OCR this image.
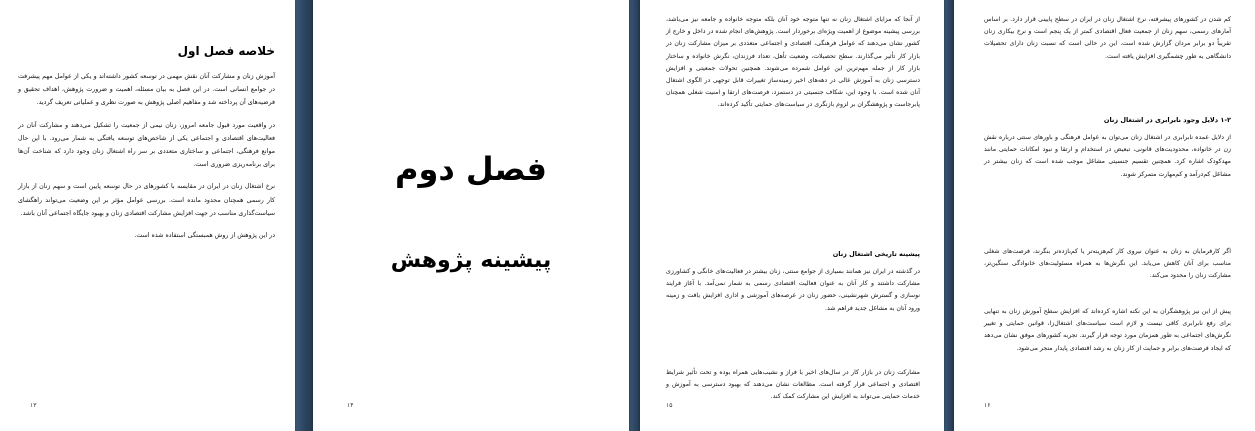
خلاصه فصل اول

آموزش زنان و مشارکت آنان نقش مهمی در توسعه کشور داشته‌اند و یکی از عوامل مهم پیشرفت در جوامع انسانی است. در این فصل به بیان مسئله، اهمیت و ضرورت پژوهش، اهداف تحقیق و فرضیه‌های آن پرداخته شد و مفاهیم اصلی پژوهش به صورت نظری و عملیاتی تعریف گردید.

در واقعیت مورد قبول جامعه امروز، زنان نیمی از جمعیت را تشکیل می‌دهند و مشارکت آنان در فعالیت‌های اقتصادی و اجتماعی یکی از شاخص‌های توسعه یافتگی به شمار می‌رود. با این حال موانع فرهنگی، اجتماعی و ساختاری متعددی بر سر راه اشتغال زنان وجود دارد که شناخت آن‌ها برای برنامه‌ریزی ضروری است.

نرخ اشتغال زنان در ایران در مقایسه با کشورهای در حال توسعه پایین است و سهم زنان از بازار کار رسمی همچنان محدود مانده است. بررسی عوامل مؤثر بر این وضعیت می‌تواند راهگشای سیاست‌گذاری مناسب در جهت افزایش مشارکت اقتصادی زنان و بهبود جایگاه اجتماعی آنان باشد.

در این پژوهش از روش همبستگی استفاده شده است.

۱۳
فصل دوم
پیشینه پژوهش
۱۴
از آنجا که مزایای اشتغال زنان نه تنها متوجه خود آنان بلکه متوجه خانواده و جامعه نیز می‌باشد، بررسی پیشینه موضوع از اهمیت ویژه‌ای برخوردار است. پژوهش‌های انجام شده در داخل و خارج از کشور نشان می‌دهند که عوامل فرهنگی، اقتصادی و اجتماعی متعددی بر میزان مشارکت زنان در بازار کار تأثیر می‌گذارند. سطح تحصیلات، وضعیت تأهل، تعداد فرزندان، نگرش خانواده و ساختار بازار کار از جمله مهم‌ترین این عوامل شمرده می‌شوند. همچنین تحولات جمعیتی و افزایش دسترسی زنان به آموزش عالی در دهه‌های اخیر زمینه‌ساز تغییرات قابل توجهی در الگوی اشتغال آنان شده است. با وجود این، شکاف جنسیتی در دستمزد، فرصت‌های ارتقا و امنیت شغلی همچنان پابرجاست و پژوهشگران بر لزوم بازنگری در سیاست‌های حمایتی تأکید کرده‌اند.
پیشینه تاریخی اشتغال زنان
در گذشته در ایران نیز همانند بسیاری از جوامع سنتی، زنان بیشتر در فعالیت‌های خانگی و کشاورزی مشارکت داشتند و کار آنان به عنوان فعالیت اقتصادی رسمی به شمار نمی‌آمد. با آغاز فرایند نوسازی و گسترش شهرنشینی، حضور زنان در عرصه‌های آموزشی و اداری افزایش یافت و زمینه ورود آنان به مشاغل جدید فراهم شد.
مشارکت زنان در بازار کار در سال‌های اخیر با فراز و نشیب‌هایی همراه بوده و تحت تأثیر شرایط اقتصادی و اجتماعی قرار گرفته است. مطالعات نشان می‌دهند که بهبود دسترسی به آموزش و خدمات حمایتی می‌تواند به افزایش این مشارکت کمک کند.
۱۵
کم شدن در کشورهای پیشرفته، نرخ اشتغال زنان در ایران در سطح پایینی قرار دارد. بر اساس آمارهای رسمی، سهم زنان از جمعیت فعال اقتصادی کمتر از یک پنجم است و نرخ بیکاری زنان تقریباً دو برابر مردان گزارش شده است. این در حالی است که نسبت زنان دارای تحصیلات دانشگاهی به طور چشمگیری افزایش یافته است.
۱-۲ دلایل وجود نابرابری در اشتغال زنان
از دلایل عمده نابرابری در اشتغال زنان می‌توان به عوامل فرهنگی و باورهای سنتی درباره نقش زن در خانواده، محدودیت‌های قانونی، تبعیض در استخدام و ارتقا و نبود امکانات حمایتی مانند مهدکودک اشاره کرد. همچنین تقسیم جنسیتی مشاغل موجب شده است که زنان بیشتر در مشاغل کم‌درآمد و کم‌مهارت متمرکز شوند.
اگر کارفرمایان به زنان به عنوان نیروی کار کم‌هزینه‌تر یا کم‌بازده‌تر بنگرند، فرصت‌های شغلی مناسب برای آنان کاهش می‌یابد. این نگرش‌ها به همراه مسئولیت‌های خانوادگی سنگین‌تر، مشارکت زنان را محدود می‌کند.
پیش از این نیز پژوهشگران به این نکته اشاره کرده‌اند که افزایش سطح آموزش زنان به تنهایی برای رفع نابرابری کافی نیست و لازم است سیاست‌های اشتغال‌زا، قوانین حمایتی و تغییر نگرش‌های اجتماعی به طور همزمان مورد توجه قرار گیرند. تجربه کشورهای موفق نشان می‌دهد که ایجاد فرصت‌های برابر و حمایت از کار زنان به رشد اقتصادی پایدار منجر می‌شود.
۱۶
